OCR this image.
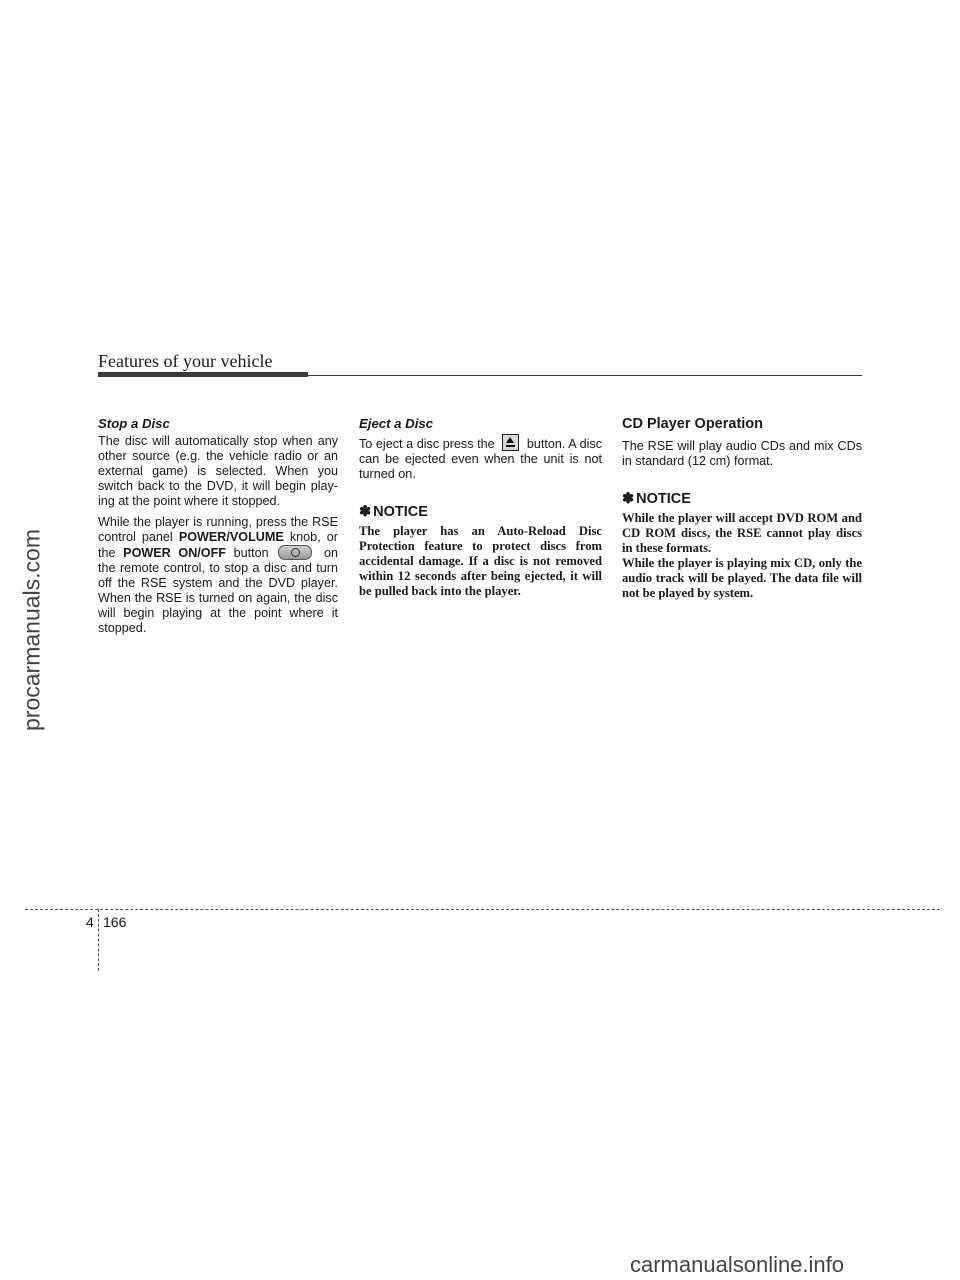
Features of your vehicle
Stop a Disc

The disc will automatically stop when any other source (e.g. the vehicle radio or an external game) is selected. When you switch back to the DVD, it will begin play-ing at the point where it stopped.

While the player is running, press the RSE control panel POWER/VOLUME knob, or the POWER ON/OFF button	on the remote control, to stop a disc and turn off the RSE system and the DVD player. When the RSE is turned on again, the disc will begin playing at the point where it stopped.

Eject a Disc

To eject a disc press the  button. A disc can be ejected even when the unit is not turned on.

✽ NOTICE

The player has an Auto-Reload Disc Protection feature to protect discs from accidental damage. If a disc is not removed within 12 seconds after being ejected, it will be pulled back into the player.

CD Player Operation

The RSE will play audio CDs and mix CDs in standard (12 cm) format.

✽ NOTICE

While the player will accept DVD ROM and CD ROM discs, the RSE cannot play discs in these formats.

While the player is playing mix CD, only the audio track will be played. The data file will not be played by system.

4 166
procarmanuals.com
carmanualsonline.info
